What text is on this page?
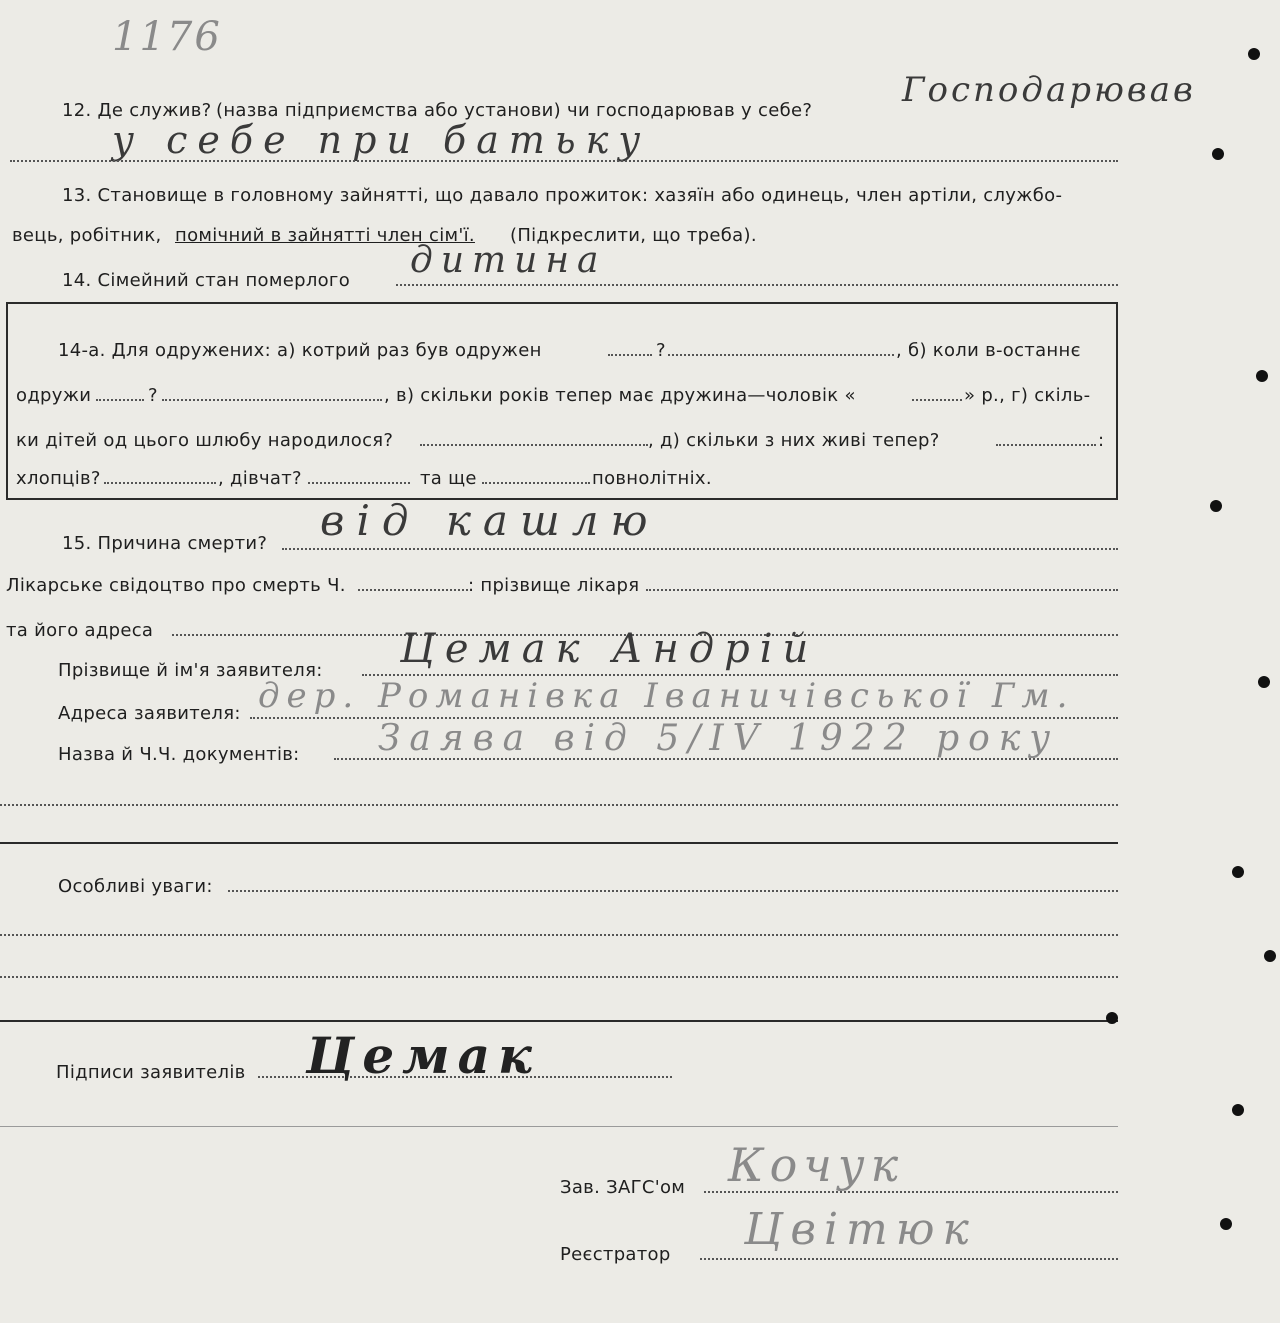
1176
12. Де служив? (назва підприємства або установи) чи господарював у себе?
Господарював
у себе при батьку
13. Становище в головному зайнятті, що давало прожиток: хазяїн або одинець, член артіли, службо-
вець, робітник, помічний в зайнятті член сім'ї. (Підкреслити, що треба).
14. Сімейний стан померлого дитина
14-а. Для одружених: а) котрий раз був одружен	?	, б) коли в-останнє
одружи	?	, в) скільки років тепер має дружина—чоловік «	» р., г) скіль-
ки дітей од цього шлюбу народилося?	, д) скільки з них живі тепер?	:
хлопців?	, дівчат?	та ще	повнолітніх.
15. Причина смерти? від кашлю
Лікарське свідоцтво про смерть Ч.	: прізвище лікаря
та його адреса
Прізвище й ім'я заявителя: Цемак Андрій
Адреса заявителя: дер. Романівка Іваничівської Гм.
Назва й Ч.Ч. документів: Заява від 5/IV 1922 року
Особливі уваги:
Підписи заявителів Цемак
Зав. ЗАГС'ом Кочук
Реєстратор Цвітюк
